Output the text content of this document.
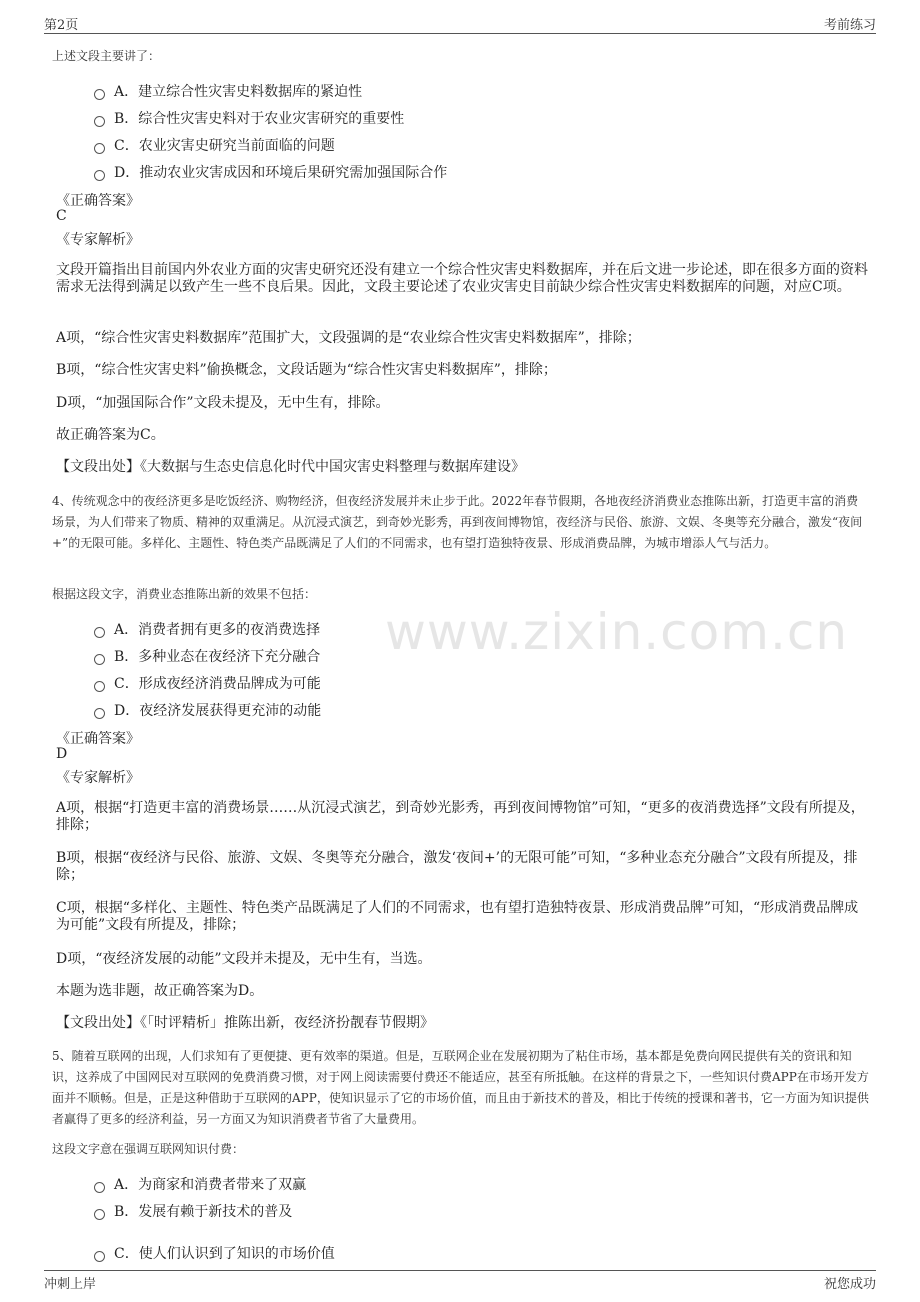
第2页	考前练习
www.zixin.com.cn
上述文段主要讲了：
A．建立综合性灾害史料数据库的紧迫性
B．综合性灾害史料对于农业灾害研究的重要性
C．农业灾害史研究当前面临的问题
D．推动农业灾害成因和环境后果研究需加强国际合作
《正确答案》
C
《专家解析》
文段开篇指出目前国内外农业方面的灾害史研究还没有建立一个综合性灾害史料数据库，并在后文进一步论述，即在很多方面的资料需求无法得到满足以致产生一些不良后果。因此，文段主要论述了农业灾害史目前缺少综合性灾害史料数据库的问题，对应C项。
A项，“综合性灾害史料数据库”范围扩大，文段强调的是“农业综合性灾害史料数据库”，排除；
B项，“综合性灾害史料”偷换概念，文段话题为“综合性灾害史料数据库”，排除；
D项，“加强国际合作”文段未提及，无中生有，排除。
故正确答案为C。
【文段出处】《大数据与生态史信息化时代中国灾害史料整理与数据库建设》
4、传统观念中的夜经济更多是吃饭经济、购物经济，但夜经济发展并未止步于此。2022年春节假期，各地夜经济消费业态推陈出新，打造更丰富的消费场景，为人们带来了物质、精神的双重满足。从沉浸式演艺，到奇妙光影秀，再到夜间博物馆，夜经济与民俗、旅游、文娱、冬奥等充分融合，激发“夜间+”的无限可能。多样化、主题性、特色类产品既满足了人们的不同需求，也有望打造独特夜景、形成消费品牌，为城市增添人气与活力。
根据这段文字，消费业态推陈出新的效果不包括：
A．消费者拥有更多的夜消费选择
B．多种业态在夜经济下充分融合
C．形成夜经济消费品牌成为可能
D．夜经济发展获得更充沛的动能
《正确答案》
D
《专家解析》
A项，根据“打造更丰富的消费场景……从沉浸式演艺，到奇妙光影秀，再到夜间博物馆”可知，“更多的夜消费选择”文段有所提及，排除；
B项，根据“夜经济与民俗、旅游、文娱、冬奥等充分融合，激发‘夜间+’的无限可能”可知，“多种业态充分融合”文段有所提及，排除；
C项，根据“多样化、主题性、特色类产品既满足了人们的不同需求，也有望打造独特夜景、形成消费品牌”可知，“形成消费品牌成为可能”文段有所提及，排除；
D项，“夜经济发展的动能”文段并未提及，无中生有，当选。
本题为选非题，故正确答案为D。
【文段出处】《「时评精析」推陈出新，夜经济扮靓春节假期》
5、随着互联网的出现，人们求知有了更便捷、更有效率的渠道。但是，互联网企业在发展初期为了粘住市场，基本都是免费向网民提供有关的资讯和知识，这养成了中国网民对互联网的免费消费习惯，对于网上阅读需要付费还不能适应，甚至有所抵触。在这样的背景之下，一些知识付费APP在市场开发方面并不顺畅。但是，正是这种借助于互联网的APP，使知识显示了它的市场价值，而且由于新技术的普及，相比于传统的授课和著书，它一方面为知识提供者赢得了更多的经济利益，另一方面又为知识消费者节省了大量费用。
这段文字意在强调互联网知识付费：
A．为商家和消费者带来了双赢
B．发展有赖于新技术的普及
C．使人们认识到了知识的市场价值
冲刺上岸	祝您成功
